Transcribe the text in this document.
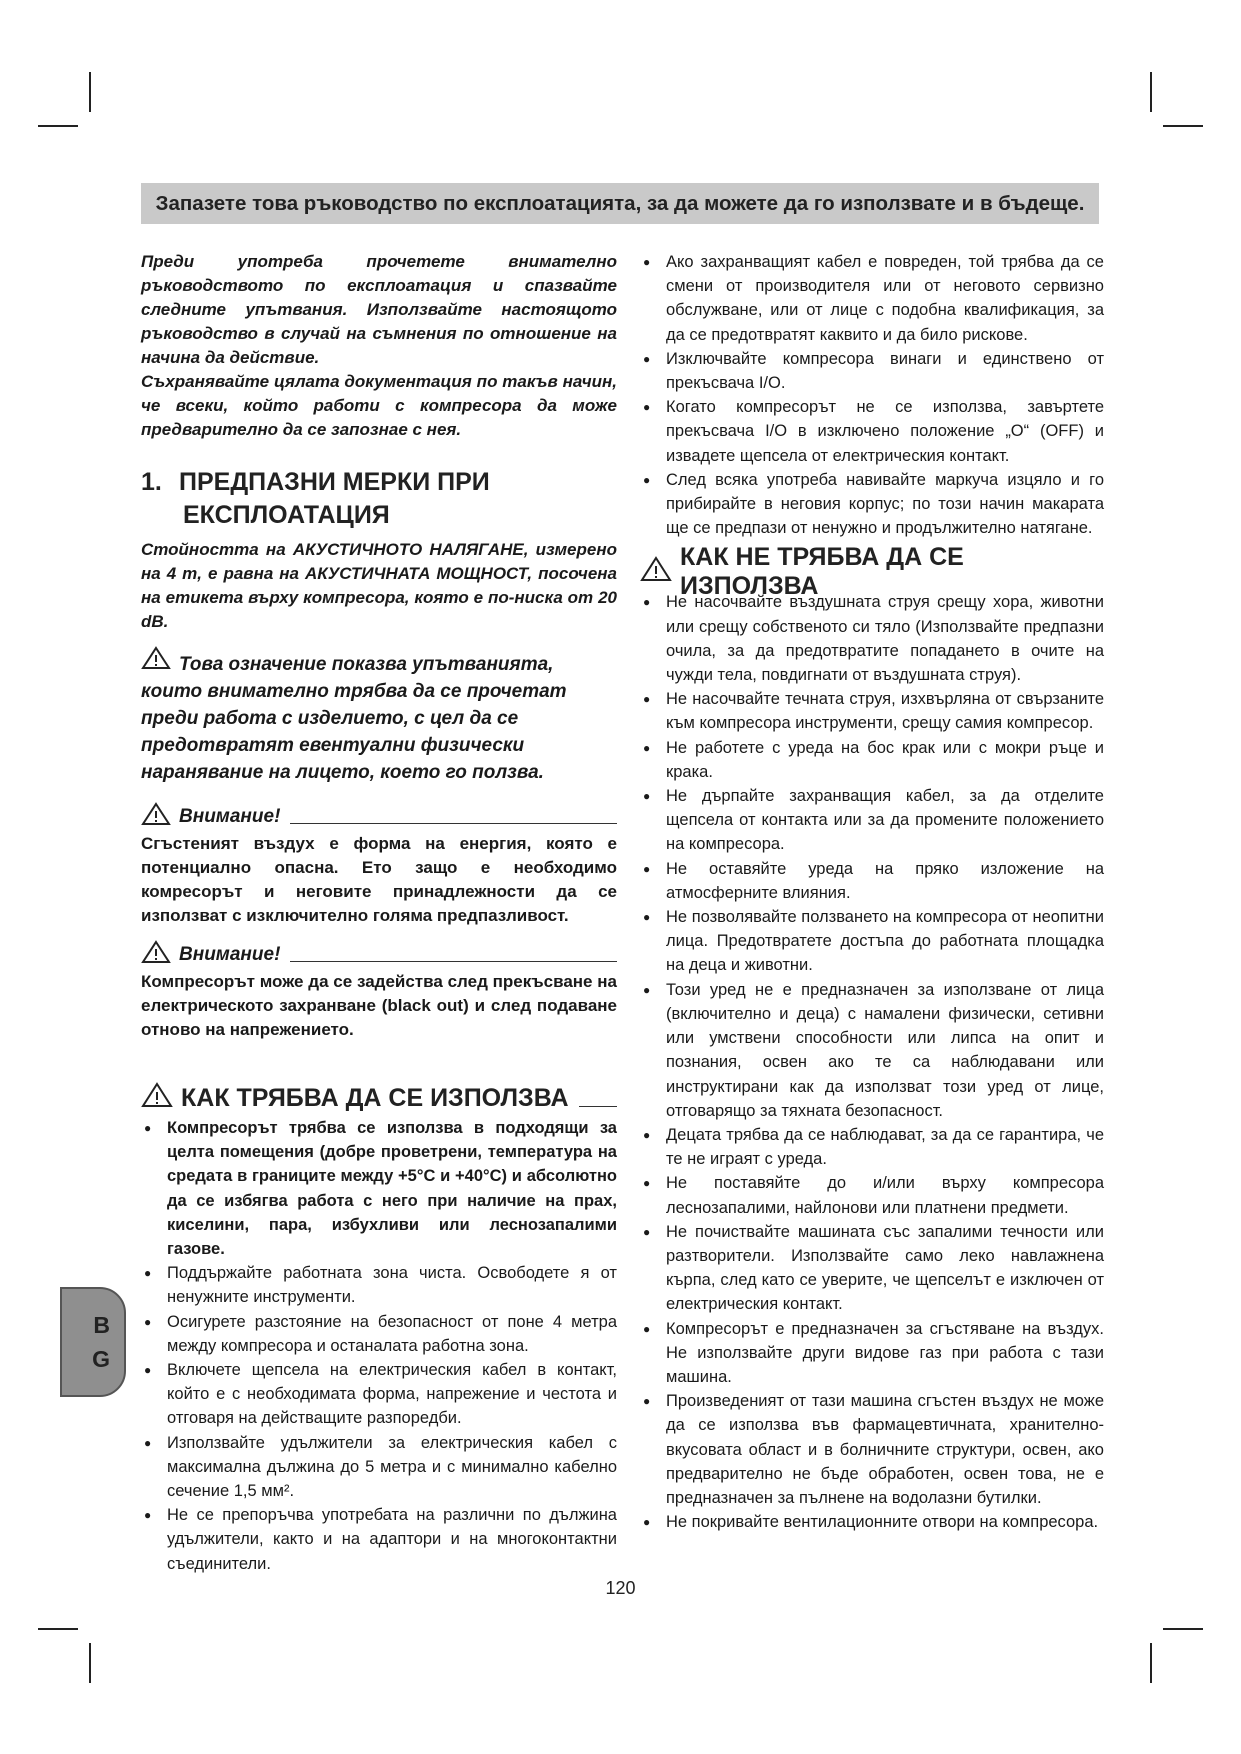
Запазете това ръководство по експлоатацията, за да можете да го използвате и в бъдеще.

Преди употреба прочетете внимателно ръководството по експлоатация и спазвайте следните упътвания. Използвайте настоящото ръководство в случай на съмнения по отношение на начина да действие.

Съхранявайте цялата документация по такъв начин, че всеки, който работи с компресора да може предварително да се запознае с нея.

1. ПРЕДПАЗНИ МЕРКИ ПРИ
ЕКСПЛОАТАЦИЯ

Стойността на АКУСТИЧНОТО НАЛЯГАНЕ, измерено на 4 m, е равна на АКУСТИЧНАТА МОЩНОСТ, посочена на етикета върху компресора, която е по-ниска от 20 dB.

Това означение показва упътванията, които внимателно трябва да се прочетат преди работа с изделието, с цел да се предотвратят евентуални физически наранявание на лицето, което го ползва.

Внимание!

Сгъстеният въздух е форма на енергия, която е потенциално опасна. Ето защо е необходимо комресорът и неговите принадлежности да се използват с изключително голяма предпазливост.

Внимание!

Компресорът може да се задейства след прекъсване на електрическото захранване (black out) и след подаване отново на напрежението.

КАК ТРЯБВА ДА СЕ ИЗПОЛЗВА
● Компресорът трябва се използва в подходящи за целта помещения (добре проветрени, температура на средата в границите между +5°C и +40°C) и абсолютно да се избягва работа с него при наличие на прах, киселини, пара, избухливи или леснозапалими газове.
● Поддържайте работната зона чиста. Освободете я от ненужните инструменти.
● Осигурете разстояние на безопасност от поне 4 метра между компресора и останалата работна зона.
● Включете щепсела на електрическия кабел в контакт, който е с необходимата форма, напрежение и честота и отговаря на действащите разпоредби.
● Използвайте удължители за електрическия кабел с максимална дължина до 5 метра и с минимално кабелно сечение 1,5 мм².
● Не се препоръчва употребата на различни по дължина удължители, както и на адаптори и на многоконтактни съединители.
● Ако захранващият кабел е повреден, той трябва да се смени от производителя или от неговото сервизно обслужване, или от лице с подобна квалификация, за да се предотвратят каквито и да било рискове.
● Изключвайте компресора винаги и единствено от прекъсвача I/O.
● Когато компресорът не се използва, завъртете прекъсвача I/O в изключено положение „O“ (OFF) и извадете щепсела от електрическия контакт.
● След всяка употреба навивайте маркуча изцяло и го прибирайте в неговия корпус; по този начин макарата ще се предпази от ненужно и продължително натягане.
КАК НЕ ТРЯБВА ДА СЕ ИЗПОЛЗВА
● Не насочвайте въздушната струя срещу хора, животни или срещу собственото си тяло (Използвайте предпазни очила, за да предотвратите попадането в очите на чужди тела, повдигнати от въздушната струя).
● Не насочвайте течната струя, изхвърляна от свързаните към компресора инструменти, срещу самия компресор.
● Не работете с уреда на бос крак или с мокри ръце и крака.
● Не дърпайте захранващия кабел, за да отделите щепсела от контакта или за да промените положението на компресора.
● Не оставяйте уреда на пряко изложение на атмосферните влияния.
● Не позволявайте ползването на компресора от неопитни лица. Предотвратете достъпа до работната площадка на деца и животни.
● Този уред не е предназначен за използване от лица (включително и деца) с намалени физически, сетивни или умствени способности или липса на опит и познания, освен ако те са наблюдавани или инструктирани как да използват този уред от лице, отговарящо за тяхната безопасност.
● Децата трябва да се наблюдават, за да се гарантира, че те не играят с уреда.
● Не поставяйте до и/или върху компресора леснозапалими, найлонови или платнени предмети.
● Не почиствайте машината със запалими течности или разтворители. Използвайте само леко навлажнена кърпа, след като се уверите, че щепселът е изключен от електрическия контакт.
● Компресорът е предназначен за сгъстяване на въздух. Не използвайте други видове газ при работа с тази машина.
● Произведеният от тази машина сгъстен въздух не може да се използва във фармацевтичната, хранително-вкусовата област и в болничните структури, освен, ако предварително не бъде обработен, освен това, не е предназначен за пълнене на водолазни бутилки.
● Не покривайте вентилационните отвори на компресора.
B
G
120
